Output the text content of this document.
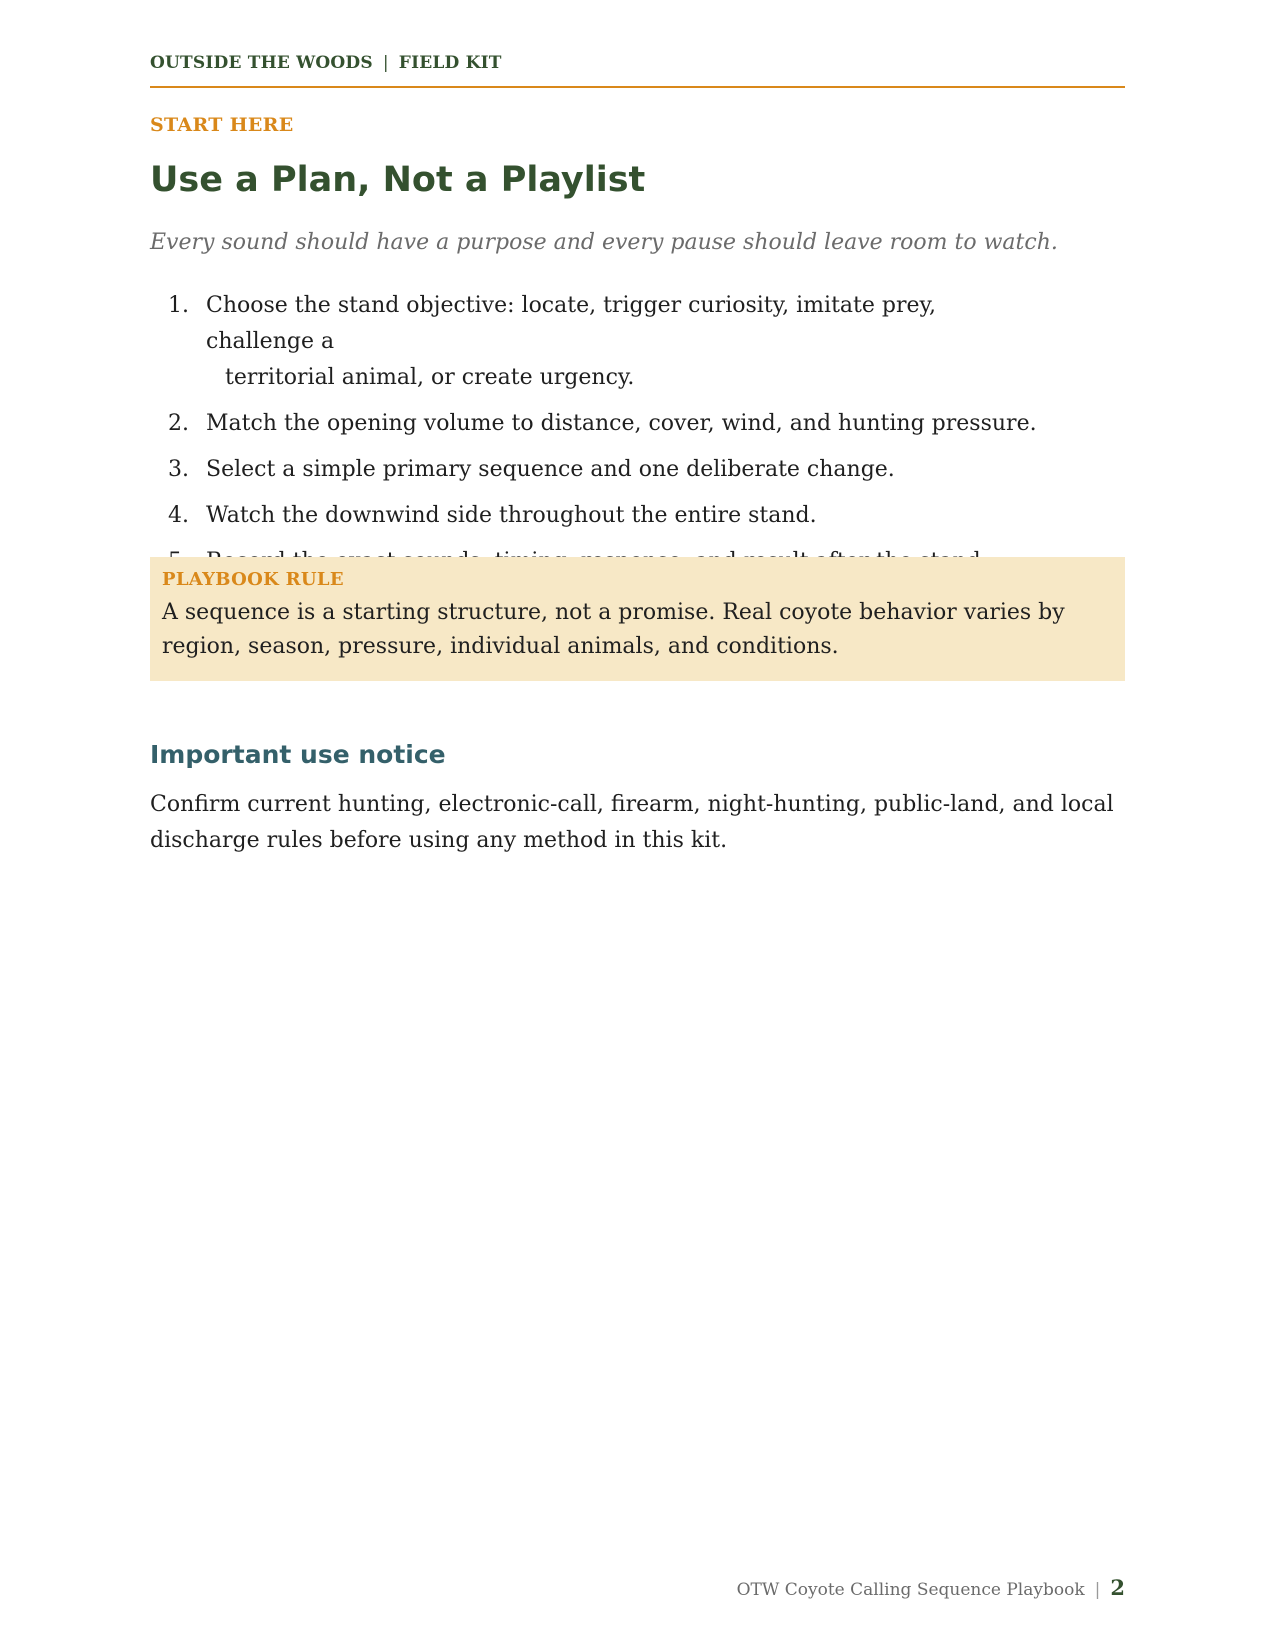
OUTSIDE THE WOODS | FIELD KIT
START HERE
Use a Plan, Not a Playlist

Every sound should have a purpose and every pause should leave room to watch.

1. Choose the stand objective: locate, trigger curiosity, imitate prey, challenge a
territorial animal, or create urgency.
2. Match the opening volume to distance, cover, wind, and hunting pressure.
3. Select a simple primary sequence and one deliberate change.
4. Watch the downwind side throughout the entire stand.
PLAYBOOK RULE
A sequence is a starting structure, not a promise. Real coyote behavior varies by region, season, pressure, individual animals, and conditions.
Important use notice

Confirm current hunting, electronic-call, firearm, night-hunting, public-land, and local discharge rules before using any method in this kit.

OTW Coyote Calling Sequence Playbook | 2
